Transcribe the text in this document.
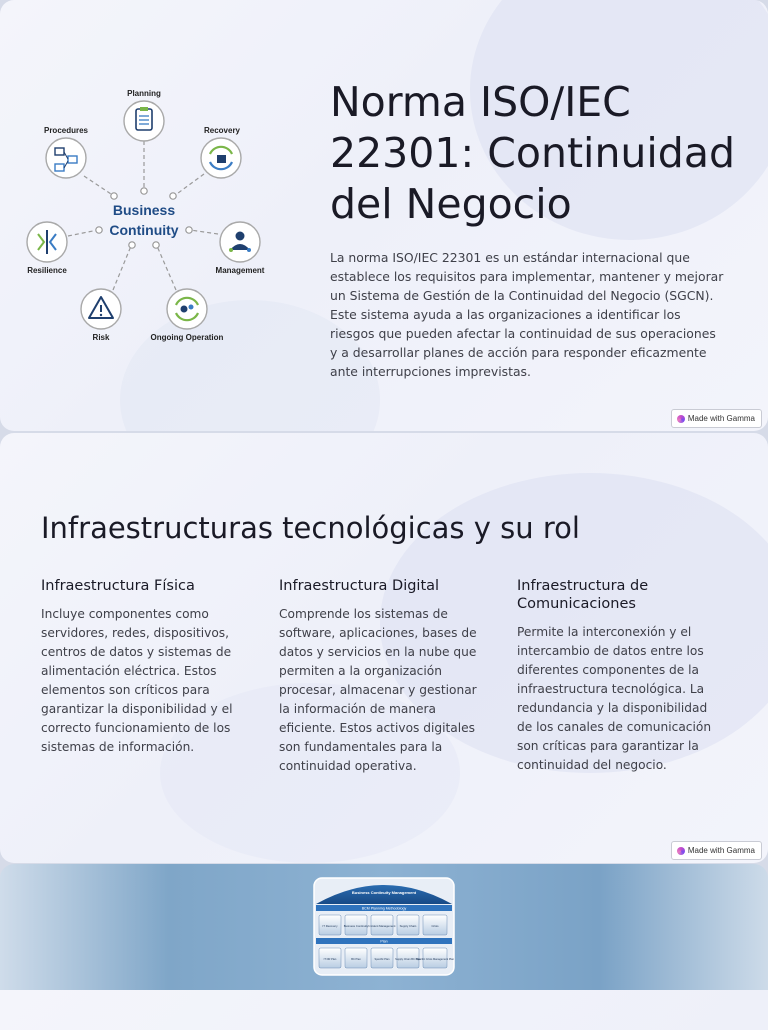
Business
Continuity
Planning
Recovery
Procedures
Resilience	Management
Risk	Ongoing Operation
Norma ISO/IEC 22301: Continuidad del Negocio

La norma ISO/IEC 22301 es un estándar internacional que establece los requisitos para implementar, mantener y mejorar un Sistema de Gestión de la Continuidad del Negocio (SGCN). Este sistema ayuda a las organizaciones a identificar los riesgos que pueden afectar la continuidad de sus operaciones y a desarrollar planes de acción para responder eficazmente ante interrupciones imprevistas.

Made with Gamma
Infraestructuras tecnológicas y su rol
Infraestructura Física

Incluye componentes como servidores, redes, dispositivos, centros de datos y sistemas de alimentación eléctrica. Estos elementos son críticos para garantizar la disponibilidad y el correcto funcionamiento de los sistemas de información.

Infraestructura Digital

Comprende los sistemas de software, aplicaciones, bases de datos y servicios en la nube que permiten a la organización procesar, almacenar y gestionar la información de manera eficiente. Estos activos digitales son fundamentales para la continuidad operativa.

Infraestructura de Comunicaciones

Permite la interconexión y el intercambio de datos entre los diferentes componentes de la infraestructura tecnológica. La redundancia y la disponibilidad de los canales de comunicación son críticas para garantizar la continuidad del negocio.

Made with Gamma
Business Continuity Management
BCM Planning Methodology
IT Recovery Business Continuity Incident Management Supply Chain	Crisis
Plan
IT DR Plan	BC Plan	Specific Plan Supply Chain BC Plan
Specific Crisis Management Plan
